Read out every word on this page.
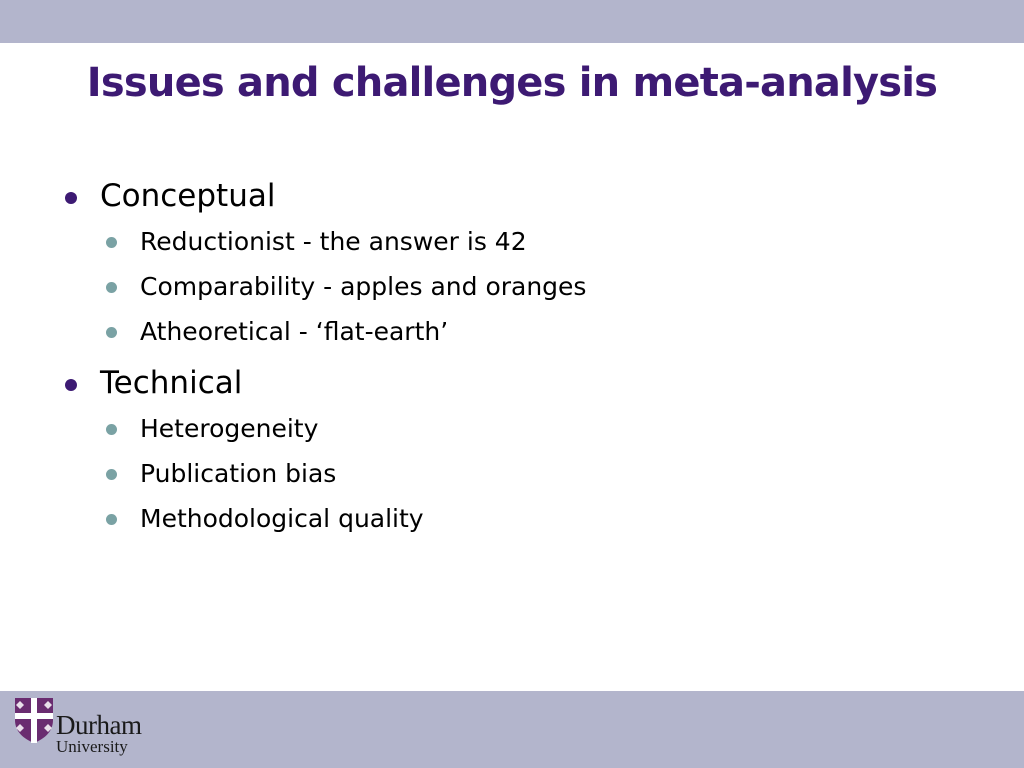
Issues and challenges in meta-analysis
Conceptual
Reductionist - the answer is 42
Comparability - apples and oranges
Atheoretical - ‘flat-earth’
Technical
Heterogeneity
Publication bias
Methodological quality
Durham
University
